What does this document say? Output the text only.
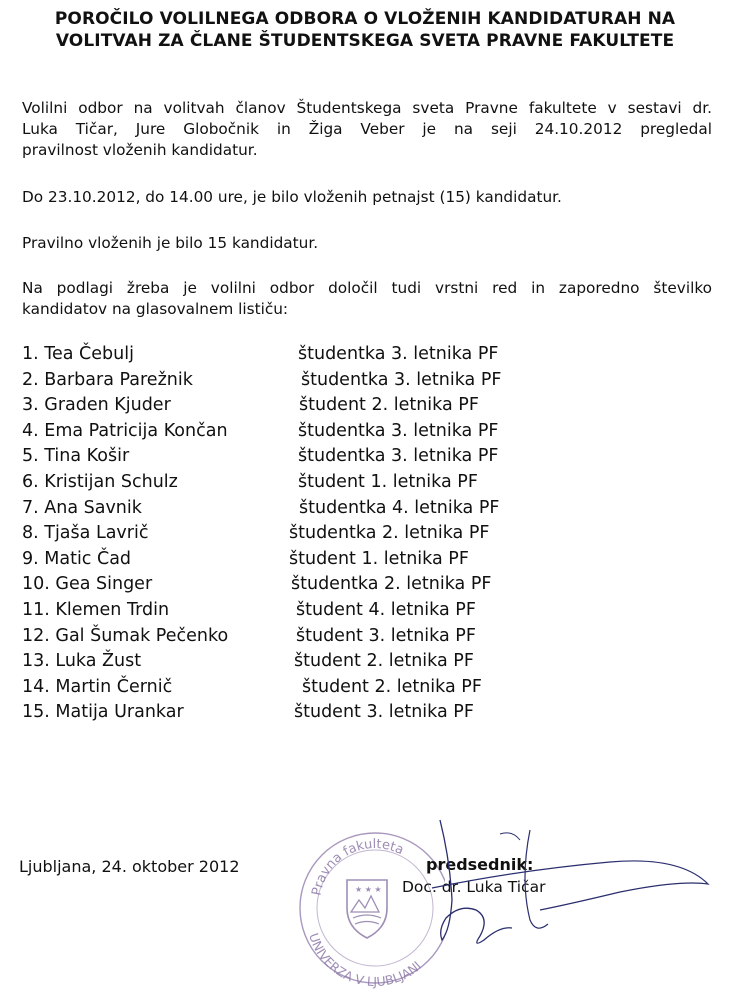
POROČILO VOLILNEGA ODBORA O VLOŽENIH KANDIDATURAH NA
VOLITVAH ZA ČLANE ŠTUDENTSKEGA SVETA PRAVNE FAKULTETE
Volilni odbor na volitvah članov Študentskega sveta Pravne fakultete v sestavi dr.
Luka Tičar, Jure Globočnik in Žiga Veber je na seji 24.10.2012 pregledal
pravilnost vloženih kandidatur.
Do 23.10.2012, do 14.00 ure, je bilo vloženih petnajst (15) kandidatur.
Pravilno vloženih je bilo 15 kandidatur.
Na podlagi žreba je volilni odbor določil tudi vrstni red in zaporedno številko
kandidatov na glasovalnem lističu:
1. Tea Čebulj	študentka 3. letnika PF
2. Barbara Parežnik	študentka 3. letnika PF
3. Graden Kjuder	študent 2. letnika PF
4. Ema Patricija Končan	študentka 3. letnika PF
5. Tina Košir	študentka 3. letnika PF
6. Kristijan Schulz	študent 1. letnika PF
7. Ana Savnik	študentka 4. letnika PF
8. Tjaša Lavrič	študentka 2. letnika PF
9. Matic Čad	študent 1. letnika PF
10. Gea Singer	študentka 2. letnika PF
11. Klemen Trdin	študent 4. letnika PF
12. Gal Šumak Pečenko	študent 3. letnika PF
13. Luka Žust	študent 2. letnika PF
14. Martin Černič	študent 2. letnika PF
15. Matija Urankar	študent 3. letnika PF
Pravna fakulteta
UNIVERZA V LJUBLJANI
★ ★ ★
Ljubljana, 24. oktober 2012	predsednik:
Doc. dr. Luka Tičar
